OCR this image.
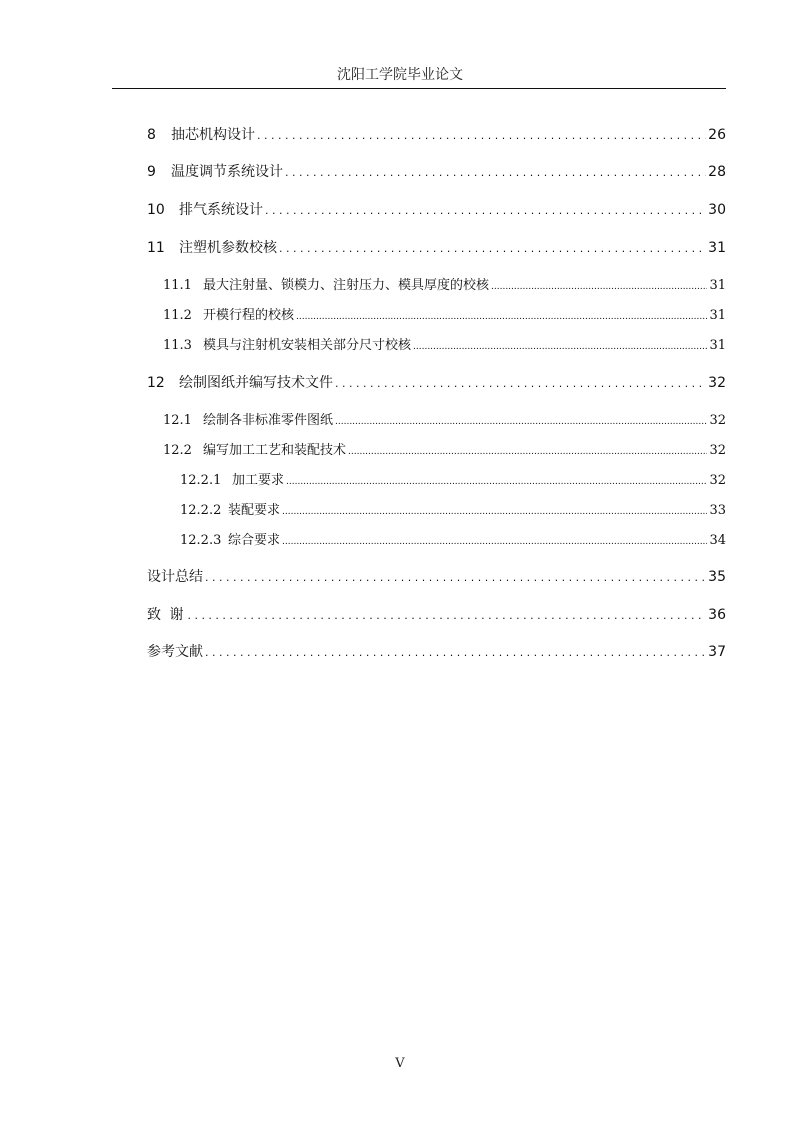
沈阳工学院毕业论文
8	抽芯机构设计 . . .	26
9	温度调节系统设计 . . .	28
10	排气系统设计 . . .	30
11	注塑机参数校核 . . .	31
11.1 最大注射量、锁模力、注射压力、模具厚度的校核 .....	31
11.2 开模行程的校核 .....	31
11.3 模具与注射机安装相关部分尺寸校核 .....	31
12	绘制图纸并编写技术文件 . . .	32
12.1 绘制各非标准零件图纸 .....	32
12.2 编写加工工艺和装配技术 .....	32
12.2.1 加工要求 .....	32
12.2.2 装配要求 .....	33
12.2.3 综合要求 .....	34
设计总结 . . .	35
致 谢 . . .	36
参考文献 . . .	37
V
